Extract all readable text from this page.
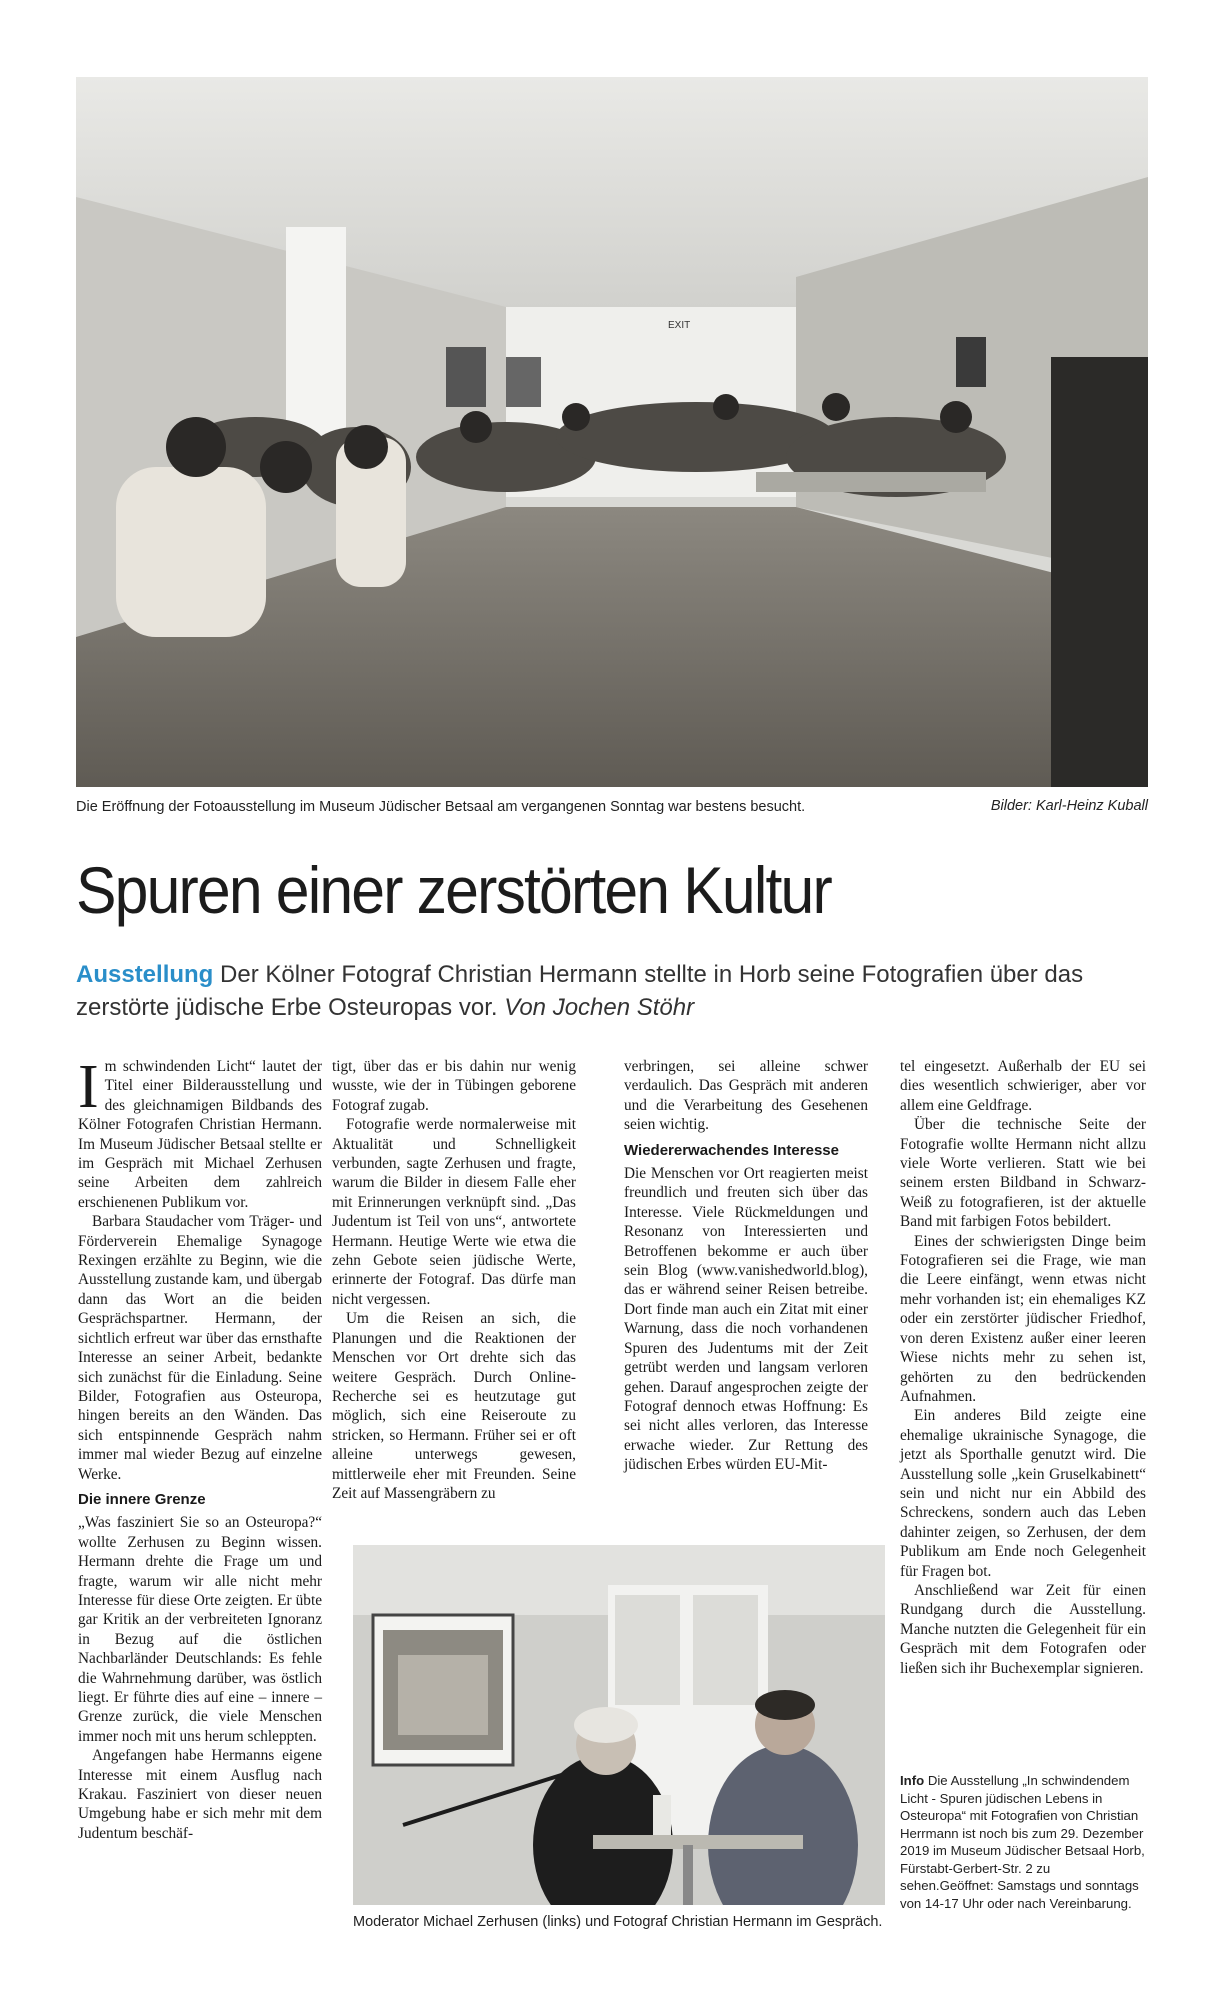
EXIT
Die Eröffnung der Fotoausstellung im Museum Jüdischer Betsaal am vergangenen Sonntag war bestens besucht.	Bilder: Karl-Heinz Kuball
Spuren einer zerstörten Kultur
Ausstellung Der Kölner Fotograf Christian Hermann stellte in Horb seine Fotografien über das zerstörte jüdische Erbe Osteuropas vor. Von Jochen Stöhr

Im schwindenden Licht“ lautet der Titel einer Bilderausstellung und des gleichnamigen Bildbands des Kölner Fotografen Christian Hermann. Im Museum Jüdischer Betsaal stellte er im Gespräch mit Michael Zerhusen seine Arbeiten dem zahlreich erschienenen Publikum vor.

Barbara Staudacher vom Träger- und Förderverein Ehemalige Synagoge Rexingen erzählte zu Beginn, wie die Ausstellung zustande kam, und übergab dann das Wort an die beiden Gesprächspartner. Hermann, der sichtlich erfreut war über das ernsthafte Interesse an seiner Arbeit, bedankte sich zunächst für die Einladung. Seine Bilder, Fotografien aus Osteuropa, hingen bereits an den Wänden. Das sich entspinnende Gespräch nahm immer mal wieder Bezug auf einzelne Werke.

Die innere Grenze

„Was fasziniert Sie so an Osteuropa?“ wollte Zerhusen zu Beginn wissen. Hermann drehte die Frage um und fragte, warum wir alle nicht mehr Interesse für diese Orte zeigten. Er übte gar Kritik an der verbreiteten Ignoranz in Bezug auf die östlichen Nachbarländer Deutschlands: Es fehle die Wahrnehmung darüber, was östlich liegt. Er führte dies auf eine – innere – Grenze zurück, die viele Menschen immer noch mit uns herum schleppten.

Angefangen habe Hermanns eigene Interesse mit einem Ausflug nach Krakau. Fasziniert von dieser neuen Umgebung habe er sich mehr mit dem Judentum beschäf-

tigt, über das er bis dahin nur wenig wusste, wie der in Tübingen geborene Fotograf zugab.

Fotografie werde normalerweise mit Aktualität und Schnelligkeit verbunden, sagte Zerhusen und fragte, warum die Bilder in diesem Falle eher mit Erinnerungen verknüpft sind. „Das Judentum ist Teil von uns“, antwortete Hermann. Heutige Werte wie etwa die zehn Gebote seien jüdische Werte, erinnerte der Fotograf. Das dürfe man nicht vergessen.

Um die Reisen an sich, die Planungen und die Reaktionen der Menschen vor Ort drehte sich das weitere Gespräch. Durch Online-Recherche sei es heutzutage gut möglich, sich eine Reiseroute zu stricken, so Hermann. Früher sei er oft alleine unterwegs gewesen, mittlerweile eher mit Freunden. Seine Zeit auf Massengräbern zu

verbringen, sei alleine schwer verdaulich. Das Gespräch mit anderen und die Verarbeitung des Gesehenen seien wichtig.

Wiedererwachendes Interesse

Die Menschen vor Ort reagierten meist freundlich und freuten sich über das Interesse. Viele Rückmeldungen und Resonanz von Interessierten und Betroffenen bekomme er auch über sein Blog (www.vanishedworld.blog), das er während seiner Reisen betreibe. Dort finde man auch ein Zitat mit einer Warnung, dass die noch vorhandenen Spuren des Judentums mit der Zeit getrübt werden und langsam verloren gehen. Darauf angesprochen zeigte der Fotograf dennoch etwas Hoffnung: Es sei nicht alles verloren, das Interesse erwache wieder. Zur Rettung des jüdischen Erbes würden EU-Mit-

tel eingesetzt. Außerhalb der EU sei dies wesentlich schwieriger, aber vor allem eine Geldfrage.

Über die technische Seite der Fotografie wollte Hermann nicht allzu viele Worte verlieren. Statt wie bei seinem ersten Bildband in Schwarz-Weiß zu fotografieren, ist der aktuelle Band mit farbigen Fotos bebildert.

Eines der schwierigsten Dinge beim Fotografieren sei die Frage, wie man die Leere einfängt, wenn etwas nicht mehr vorhanden ist; ein ehemaliges KZ oder ein zerstörter jüdischer Friedhof, von deren Existenz außer einer leeren Wiese nichts mehr zu sehen ist, gehörten zu den bedrückenden Aufnahmen.

Ein anderes Bild zeigte eine ehemalige ukrainische Synagoge, die jetzt als Sporthalle genutzt wird. Die Ausstellung solle „kein Gruselkabinett“ sein und nicht nur ein Abbild des Schreckens, sondern auch das Leben dahinter zeigen, so Zerhusen, der dem Publikum am Ende noch Gelegenheit für Fragen bot.

Anschließend war Zeit für einen Rundgang durch die Ausstellung. Manche nutzten die Gelegenheit für ein Gespräch mit dem Fotografen oder ließen sich ihr Buchexemplar signieren.

Moderator Michael Zerhusen (links) und Fotograf Christian Hermann im Gespräch.
Info Die Ausstellung „In schwindendem Licht - Spuren jüdischen Lebens in Osteuropa“ mit Fotografien von Christian Herrmann ist noch bis zum 29. Dezember 2019 im Museum Jüdischer Betsaal Horb, Fürstabt-Gerbert-Str. 2 zu sehen.Geöffnet: Samstags und sonntags von 14-17 Uhr oder nach Vereinbarung.
